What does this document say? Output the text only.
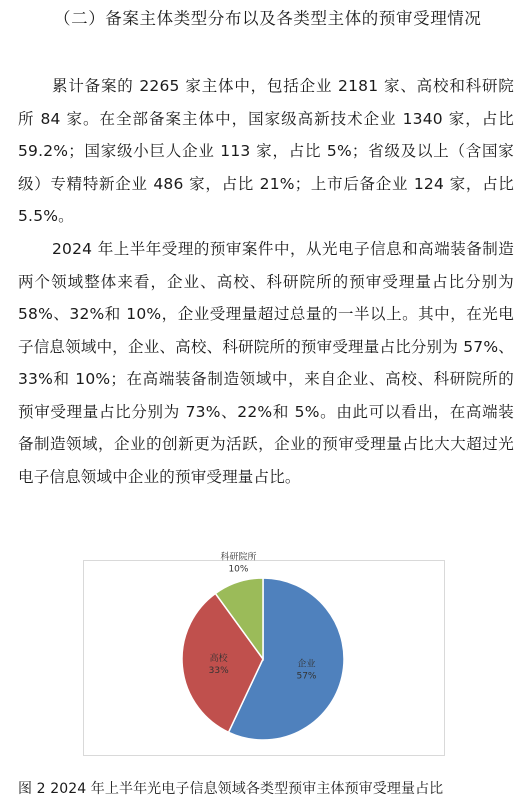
（二）备案主体类型分布以及各类型主体的预审受理情况

累计备案的 2265 家主体中，包括企业 2181 家、高校和科研院所 84 家。在全部备案主体中，国家级高新技术企业 1340 家，占比 59.2%；国家级小巨人企业 113 家，占比 5%；省级及以上（含国家级）专精特新企业 486 家，占比 21%；上市后备企业 124 家，占比 5.5%。

2024 年上半年受理的预审案件中，从光电子信息和高端装备制造两个领域整体来看，企业、高校、科研院所的预审受理量占比分别为 58%、32%和 10%，企业受理量超过总量的一半以上。其中，在光电子信息领域中，企业、高校、科研院所的预审受理量占比分别为 57%、33%和 10%；在高端装备制造领域中，来自企业、高校、科研院所的预审受理量占比分别为 73%、22%和 5%。由此可以看出，在高端装备制造领域，企业的创新更为活跃，企业的预审受理量占比大大超过光电子信息领域中企业的预审受理量占比。

企业
57%
高校
33%
科研院所
10%
图 2 2024 年上半年光电子信息领域各类型预审主体预审受理量占比
